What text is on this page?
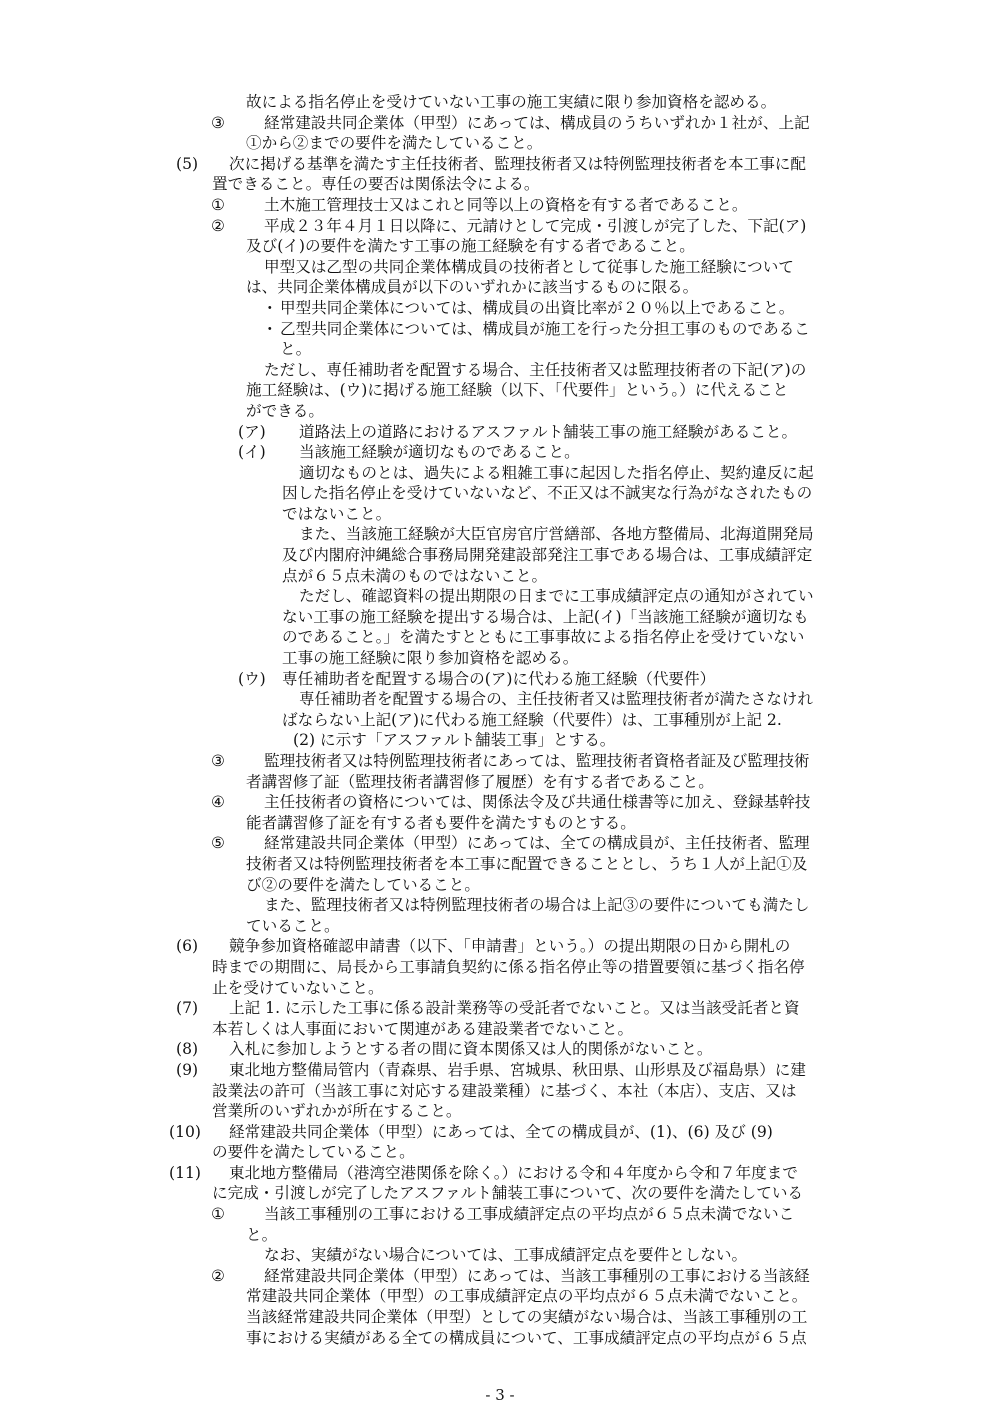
故による指名停止を受けていない工事の施工実績に限り参加資格を認める。
③	経常建設共同企業体（甲型）にあっては、構成員のうちいずれか１社が、上記
①から②までの要件を満たしていること。
(5) 次に掲げる基準を満たす主任技術者、監理技術者又は特例監理技術者を本工事に配
置できること。専任の要否は関係法令による。
①	土木施工管理技士又はこれと同等以上の資格を有する者であること。
②	平成２３年４月１日以降に、元請けとして完成・引渡しが完了した、下記(ア)
及び(イ)の要件を満たす工事の施工経験を有する者であること。
甲型又は乙型の共同企業体構成員の技術者として従事した施工経験について
は、共同企業体構成員が以下のいずれかに該当するものに限る。
・ 甲型共同企業体については、構成員の出資比率が２０％以上であること。
・ 乙型共同企業体については、構成員が施工を行った分担工事のものであるこ
と。
ただし、専任補助者を配置する場合、主任技術者又は監理技術者の下記(ア)の
施工経験は、(ウ)に掲げる施工経験（以下、「代要件」という。）に代えること
ができる。
(ア) 道路法上の道路におけるアスファルト舗装工事の施工経験があること。
(イ) 当該施工経験が適切なものであること。
適切なものとは、過失による粗雑工事に起因した指名停止、契約違反に起
因した指名停止を受けていないなど、不正又は不誠実な行為がなされたもの
ではないこと。
また、当該施工経験が大臣官房官庁営繕部、各地方整備局、北海道開発局
及び内閣府沖縄総合事務局開発建設部発注工事である場合は、工事成績評定
点が６５点未満のものではないこと。
ただし、確認資料の提出期限の日までに工事成績評定点の通知がされてい
ない工事の施工経験を提出する場合は、上記(イ)「当該施工経験が適切なも
のであること。」を満たすとともに工事事故による指名停止を受けていない
工事の施工経験に限り参加資格を認める。
(ウ) 専任補助者を配置する場合の(ア)に代わる施工経験（代要件）
専任補助者を配置する場合の、主任技術者又は監理技術者が満たさなけれ
ばならない上記(ア)に代わる施工経験（代要件）は、工事種別が上記 2.
(2) に示す「アスファルト舗装工事」とする。
③	監理技術者又は特例監理技術者にあっては、監理技術者資格者証及び監理技術
者講習修了証（監理技術者講習修了履歴）を有する者であること。
④	主任技術者の資格については、関係法令及び共通仕様書等に加え、登録基幹技
能者講習修了証を有する者も要件を満たすものとする。
⑤	経常建設共同企業体（甲型）にあっては、全ての構成員が、主任技術者、監理
技術者又は特例監理技術者を本工事に配置できることとし、うち１人が上記①及
び②の要件を満たしていること。
また、監理技術者又は特例監理技術者の場合は上記③の要件についても満たし
ていること。
(6) 競争参加資格確認申請書（以下、「申請書」という。）の提出期限の日から開札の
時までの期間に、局長から工事請負契約に係る指名停止等の措置要領に基づく指名停
止を受けていないこと。
(7) 上記 1. に示した工事に係る設計業務等の受託者でないこと。又は当該受託者と資
本若しくは人事面において関連がある建設業者でないこと。
(8) 入札に参加しようとする者の間に資本関係又は人的関係がないこと。
(9) 東北地方整備局管内（青森県、岩手県、宮城県、秋田県、山形県及び福島県）に建
設業法の許可（当該工事に対応する建設業種）に基づく、本社（本店）、支店、又は
営業所のいずれかが所在すること。
(10) 経常建設共同企業体（甲型）にあっては、全ての構成員が、(1)、(6) 及び (9)
の要件を満たしていること。
(11) 東北地方整備局（港湾空港関係を除く。）における令和４年度から令和７年度まで
に完成・引渡しが完了したアスファルト舗装工事について、次の要件を満たしている
①	当該工事種別の工事における工事成績評定点の平均点が６５点未満でないこ
と。
なお、実績がない場合については、工事成績評定点を要件としない。
②	経常建設共同企業体（甲型）にあっては、当該工事種別の工事における当該経
常建設共同企業体（甲型）の工事成績評定点の平均点が６５点未満でないこと。
当該経常建設共同企業体（甲型）としての実績がない場合は、当該工事種別の工
事における実績がある全ての構成員について、工事成績評定点の平均点が６５点
- 3 -
